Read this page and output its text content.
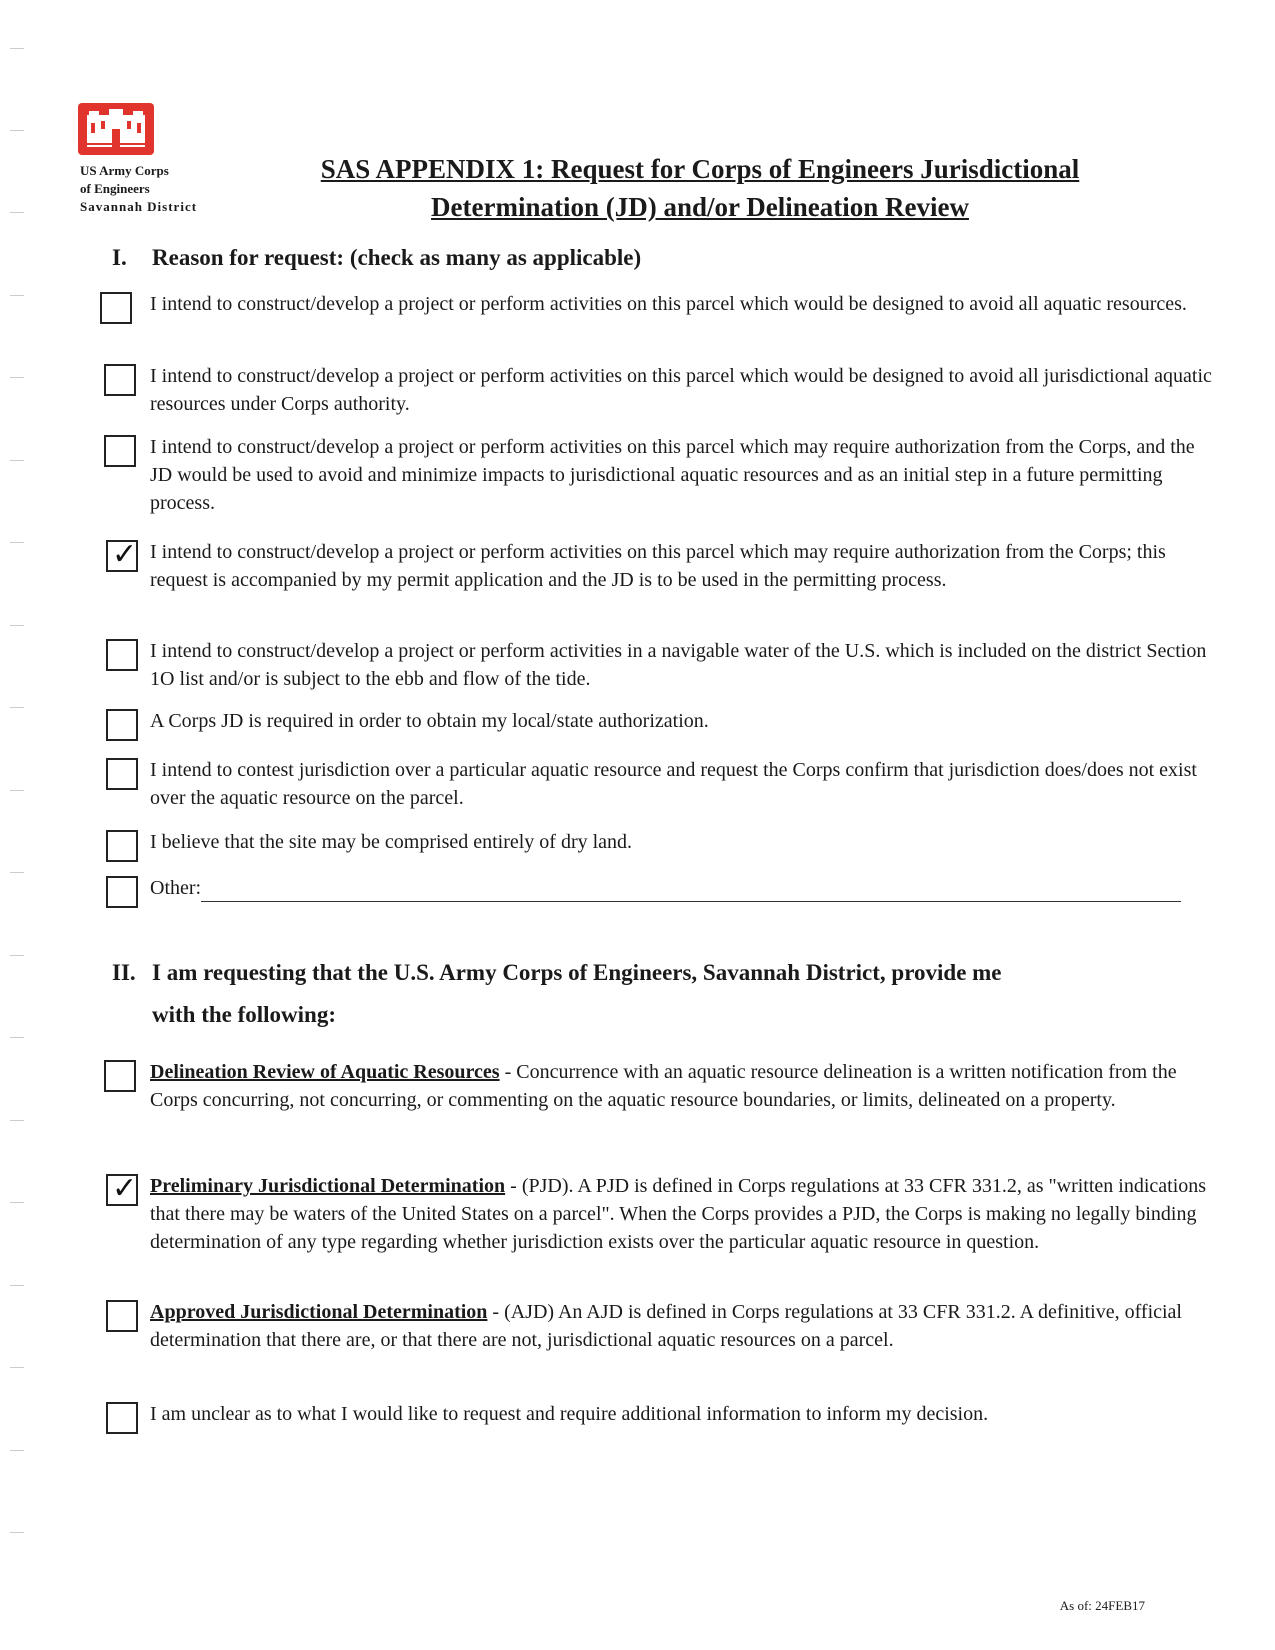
US Army Corps
of Engineers
Savannah District
SAS APPENDIX 1: Request for Corps of Engineers Jurisdictional
Determination (JD) and/or Delineation Review
I. Reason for request: (check as many as applicable)
I intend to construct/develop a project or perform activities on this parcel which would be designed to avoid all aquatic resources.
I intend to construct/develop a project or perform activities on this parcel which would be designed to avoid all jurisdictional aquatic resources under Corps authority.
I intend to construct/develop a project or perform activities on this parcel which may require authorization from the Corps, and the JD would be used to avoid and minimize impacts to jurisdictional aquatic resources and as an initial step in a future permitting process.
✓ I intend to construct/develop a project or perform activities on this parcel which may require authorization from the Corps; this request is accompanied by my permit application and the JD is to be used in the permitting process.
I intend to construct/develop a project or perform activities in a navigable water of the U.S. which is included on the district Section 1O list and/or is subject to the ebb and flow of the tide.
A Corps JD is required in order to obtain my local/state authorization.
I intend to contest jurisdiction over a particular aquatic resource and request the Corps confirm that jurisdiction does/does not exist over the aquatic resource on the parcel.
I believe that the site may be comprised entirely of dry land.
Other:
II. I am requesting that the U.S. Army Corps of Engineers, Savannah District, provide me
with the following:
Delineation Review of Aquatic Resources - Concurrence with an aquatic resource delineation is a written notification from the Corps concurring, not concurring, or commenting on the aquatic resource boundaries, or limits, delineated on a property.
✓ Preliminary Jurisdictional Determination - (PJD). A PJD is defined in Corps regulations at 33 CFR 331.2, as "written indications that there may be waters of the United States on a parcel". When the Corps provides a PJD, the Corps is making no legally binding determination of any type regarding whether jurisdiction exists over the particular aquatic resource in question.
Approved Jurisdictional Determination - (AJD) An AJD is defined in Corps regulations at 33 CFR 331.2. A definitive, official determination that there are, or that there are not, jurisdictional aquatic resources on a parcel.
I am unclear as to what I would like to request and require additional information to inform my decision.
As of: 24FEB17
